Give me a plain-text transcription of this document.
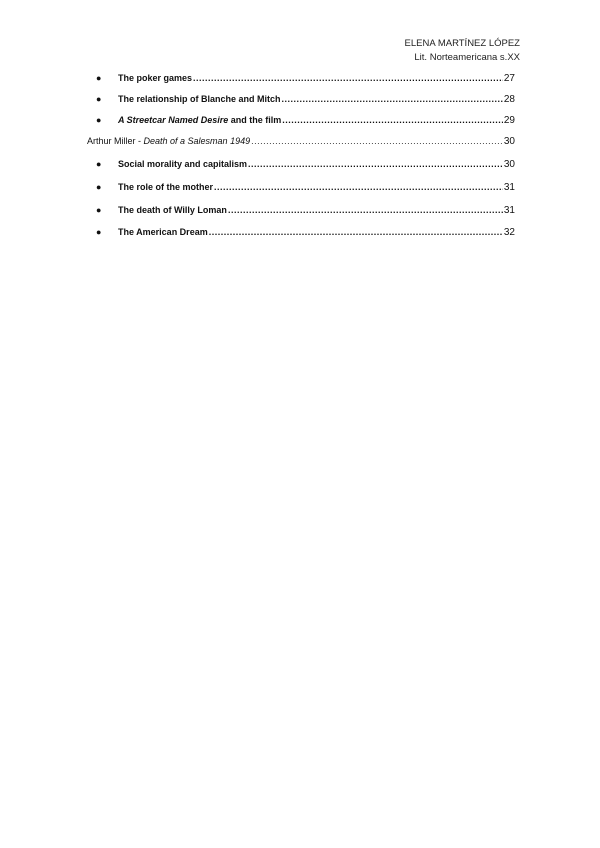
ELENA MARTÍNEZ LÓPEZ
Lit. Norteamericana s.XX
●	The poker games .....	27
●	The relationship of Blanche and Mitch .....	28
●	A Streetcar Named Desire and the film .....	29
Arthur Miller - Death of a Salesman 1949 .....	30
●	Social morality and capitalism .....	30
●	The role of the mother .....	31
●	The death of Willy Loman .....	31
●	The American Dream .....	32
